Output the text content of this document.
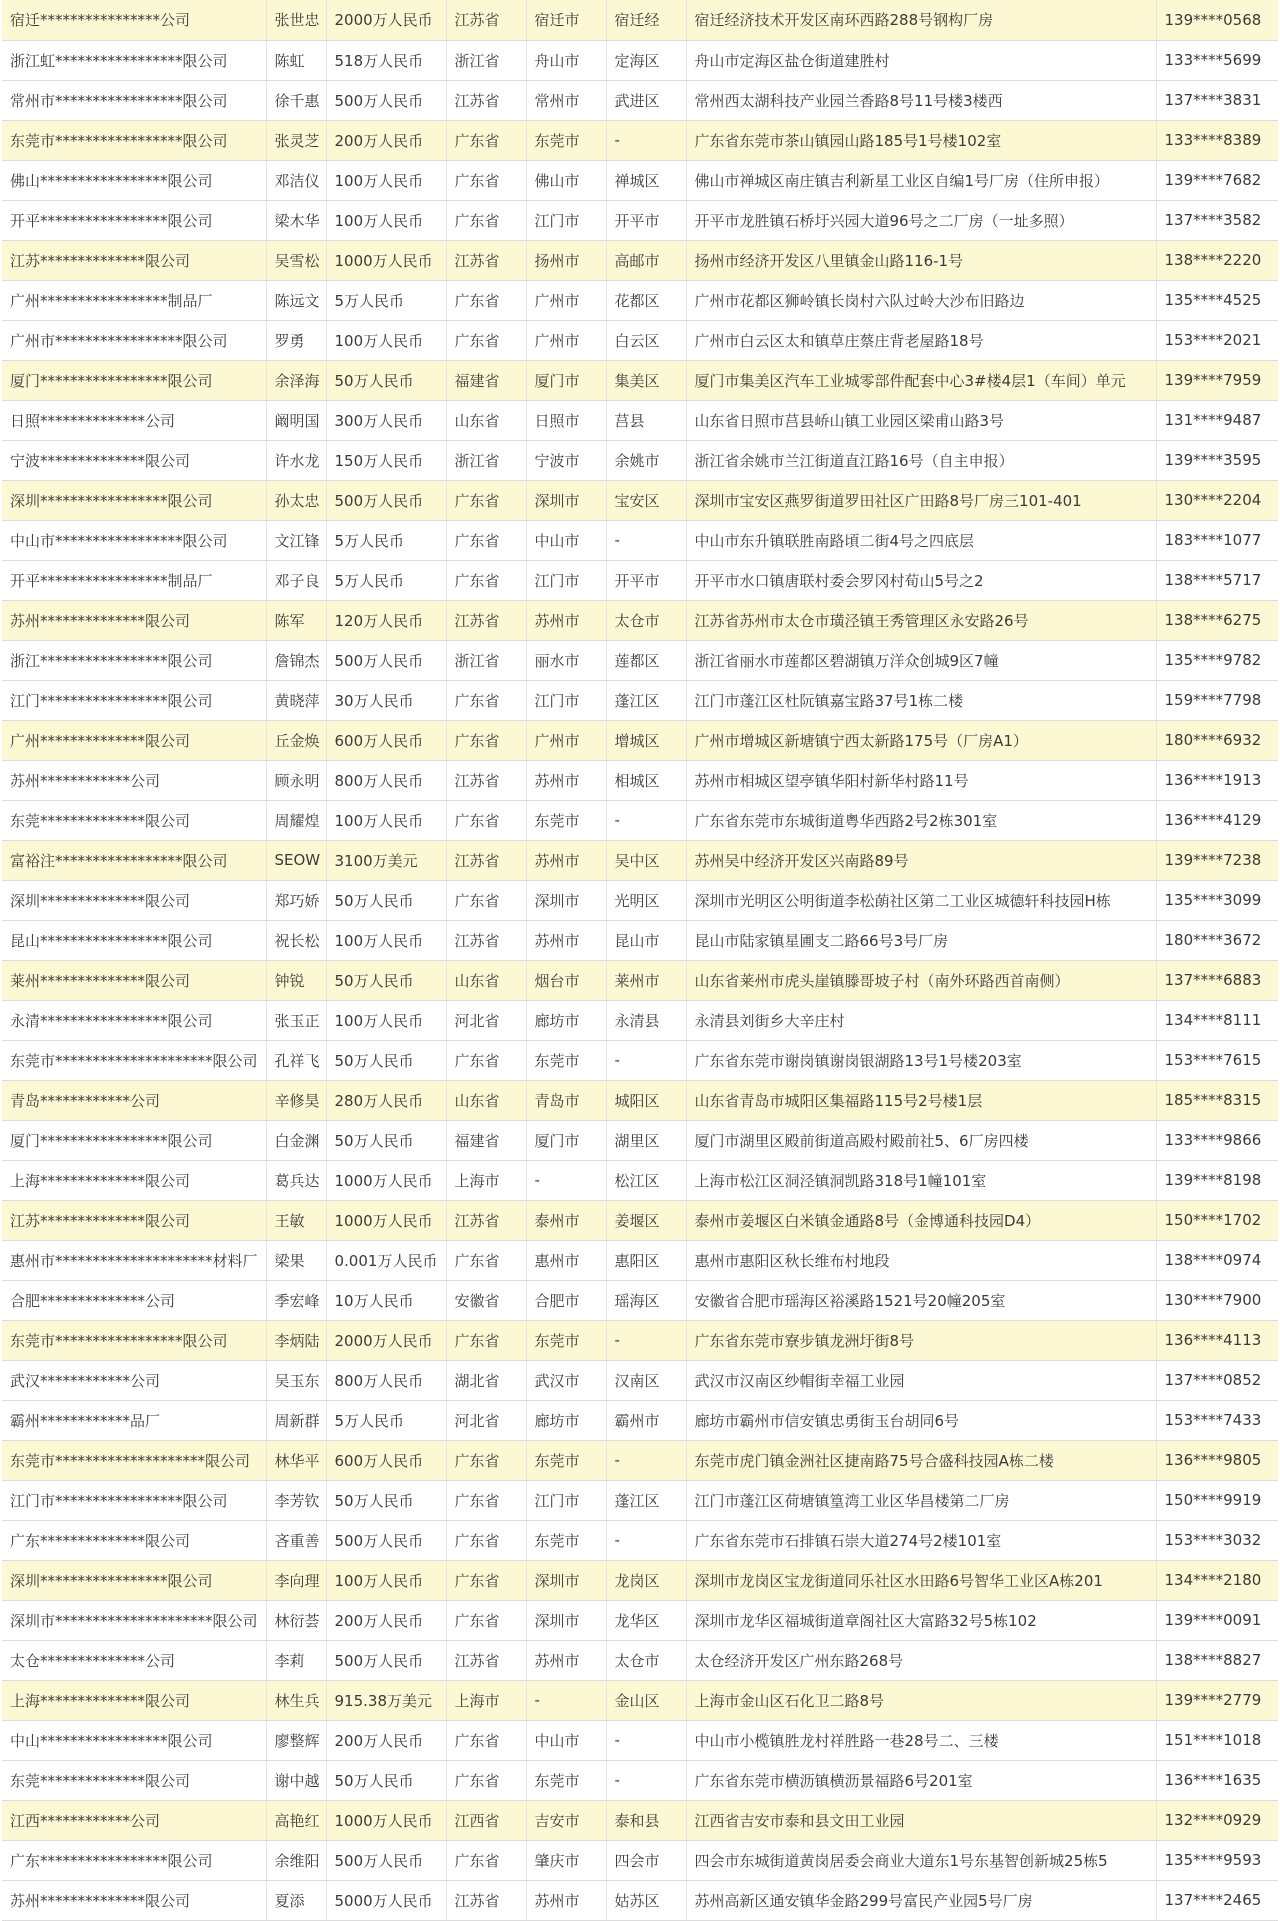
宿迁****************公司	张世忠	2000万人民币	江苏省	宿迁市	宿迁经	宿迁经济技术开发区南环西路288号钢构厂房	139****0568
浙江虹*****************限公司	陈虹	518万人民币	浙江省	舟山市	定海区	舟山市定海区盐仓街道建胜村	133****5699
常州市*****************限公司	徐千惠	500万人民币	江苏省	常州市	武进区	常州西太湖科技产业园兰香路8号11号楼3楼西	137****3831
东莞市*****************限公司	张灵芝	200万人民币	广东省	东莞市	-	广东省东莞市茶山镇园山路185号1号楼102室	133****8389
佛山*****************限公司	邓洁仪	100万人民币	广东省	佛山市	禅城区	佛山市禅城区南庄镇吉利新星工业区自编1号厂房（住所申报）	139****7682
开平*****************限公司	梁木华	100万人民币	广东省	江门市	开平市	开平市龙胜镇石桥圩兴园大道96号之二厂房（一址多照）	137****3582
江苏**************限公司	吴雪松	1000万人民币	江苏省	扬州市	高邮市	扬州市经济开发区八里镇金山路116-1号	138****2220
广州*****************制品厂	陈远文	5万人民币	广东省	广州市	花都区	广州市花都区狮岭镇长岗村六队过岭大沙布旧路边	135****4525
广州市*****************限公司	罗勇	100万人民币	广东省	广州市	白云区	广州市白云区太和镇草庄蔡庄背老屋路18号	153****2021
厦门*****************限公司	余泽海	50万人民币	福建省	厦门市	集美区	厦门市集美区汽车工业城零部件配套中心3#楼4层1（车间）单元	139****7959
日照**************公司	阚明国	300万人民币	山东省	日照市	莒县	山东省日照市莒县峤山镇工业园区梁甫山路3号	131****9487
宁波**************限公司	许水龙	150万人民币	浙江省	宁波市	余姚市	浙江省余姚市兰江街道直江路16号（自主申报）	139****3595
深圳*****************限公司	孙太忠	500万人民币	广东省	深圳市	宝安区	深圳市宝安区燕罗街道罗田社区广田路8号厂房三101-401	130****2204
中山市*****************限公司	文江锋	5万人民币	广东省	中山市	-	中山市东升镇联胜南路頃二街4号之四底层	183****1077
开平*****************制品厂	邓子良	5万人民币	广东省	江门市	开平市	开平市水口镇唐联村委会罗冈村荀山5号之2	138****5717
苏州**************限公司	陈军	120万人民币	江苏省	苏州市	太仓市	江苏省苏州市太仓市璜泾镇王秀管理区永安路26号	138****6275
浙江*****************限公司	詹锦杰	500万人民币	浙江省	丽水市	莲都区	浙江省丽水市莲都区碧湖镇万洋众创城9区7幢	135****9782
江门*****************限公司	黄晓萍	30万人民币	广东省	江门市	蓬江区	江门市蓬江区杜阮镇嘉宝路37号1栋二楼	159****7798
广州**************限公司	丘金焕	600万人民币	广东省	广州市	增城区	广州市增城区新塘镇宁西太新路175号（厂房A1）	180****6932
苏州************公司	顾永明	800万人民币	江苏省	苏州市	相城区	苏州市相城区望亭镇华阳村新华村路11号	136****1913
东莞**************限公司	周耀煌	100万人民币	广东省	东莞市	-	广东省东莞市东城街道粤华西路2号2栋301室	136****4129
富裕注*****************限公司	SEOW	3100万美元	江苏省	苏州市	吴中区	苏州吴中经济开发区兴南路89号	139****7238
深圳**************限公司	郑巧娇	50万人民币	广东省	深圳市	光明区	深圳市光明区公明街道李松蓢社区第二工业区城德轩科技园H栋	135****3099
昆山*****************限公司	祝长松	100万人民币	江苏省	苏州市	昆山市	昆山市陆家镇星圃支二路66号3号厂房	180****3672
莱州**************限公司	钟锐	50万人民币	山东省	烟台市	莱州市	山东省莱州市虎头崖镇滕哥坡子村（南外环路西首南侧）	137****6883
永清*****************限公司	张玉正	100万人民币	河北省	廊坊市	永清县	永清县刘街乡大辛庄村	134****8111
东莞市*********************限公司	孔祥飞	50万人民币	广东省	东莞市	-	广东省东莞市谢岗镇谢岗银湖路13号1号楼203室	153****7615
青岛************公司	辛修昊	280万人民币	山东省	青岛市	城阳区	山东省青岛市城阳区集福路115号2号楼1层	185****8315
厦门*****************限公司	白金渊	50万人民币	福建省	厦门市	湖里区	厦门市湖里区殿前街道高殿村殿前社5、6厂房四楼	133****9866
上海**************限公司	葛兵达	1000万人民币	上海市	-	松江区	上海市松江区洞泾镇洞凯路318号1幢101室	139****8198
江苏**************限公司	王敏	1000万人民币	江苏省	泰州市	姜堰区	泰州市姜堰区白米镇金通路8号（金博通科技园D4）	150****1702
惠州市*********************材料厂	梁果	0.001万人民币	广东省	惠州市	惠阳区	惠州市惠阳区秋长维布村地段	138****0974
合肥**************公司	季宏峰	10万人民币	安徽省	合肥市	瑶海区	安徽省合肥市瑶海区裕溪路1521号20幢205室	130****7900
东莞市*****************限公司	李炳陆	2000万人民币	广东省	东莞市	-	广东省东莞市寮步镇龙洲圩街8号	136****4113
武汉************公司	吴玉东	800万人民币	湖北省	武汉市	汉南区	武汉市汉南区纱帽街幸福工业园	137****0852
霸州************品厂	周新群	5万人民币	河北省	廊坊市	霸州市	廊坊市霸州市信安镇忠勇街玉台胡同6号	153****7433
东莞市********************限公司	林华平	600万人民币	广东省	东莞市	-	东莞市虎门镇金洲社区捷南路75号合盛科技园A栋二楼	136****9805
江门市*****************限公司	李芳钦	50万人民币	广东省	江门市	蓬江区	江门市蓬江区荷塘镇篁湾工业区华昌楼第二厂房	150****9919
广东**************限公司	吝重善	500万人民币	广东省	东莞市	-	广东省东莞市石排镇石崇大道274号2楼101室	153****3032
深圳*****************限公司	李向理	100万人民币	广东省	深圳市	龙岗区	深圳市龙岗区宝龙街道同乐社区水田路6号智华工业区A栋201	134****2180
深圳市*********************限公司	林衍荟	200万人民币	广东省	深圳市	龙华区	深圳市龙华区福城街道章阁社区大富路32号5栋102	139****0091
太仓**************公司	李莉	500万人民币	江苏省	苏州市	太仓市	太仓经济开发区广州东路268号	138****8827
上海**************限公司	林生兵	915.38万美元	上海市	-	金山区	上海市金山区石化卫二路8号	139****2779
中山*****************限公司	廖整辉	200万人民币	广东省	中山市	-	中山市小榄镇胜龙村祥胜路一巷28号二、三楼	151****1018
东莞**************限公司	谢中越	50万人民币	广东省	东莞市	-	广东省东莞市横沥镇横沥景福路6号201室	136****1635
江西************公司	高艳红	1000万人民币	江西省	吉安市	泰和县	江西省吉安市泰和县文田工业园	132****0929
广东*****************限公司	余维阳	500万人民币	广东省	肇庆市	四会市	四会市东城街道黄岗居委会商业大道东1号东基智创新城25栋5	135****9593
苏州**************限公司	夏添	5000万人民币	江苏省	苏州市	姑苏区	苏州高新区通安镇华金路299号富民产业园5号厂房	137****2465
